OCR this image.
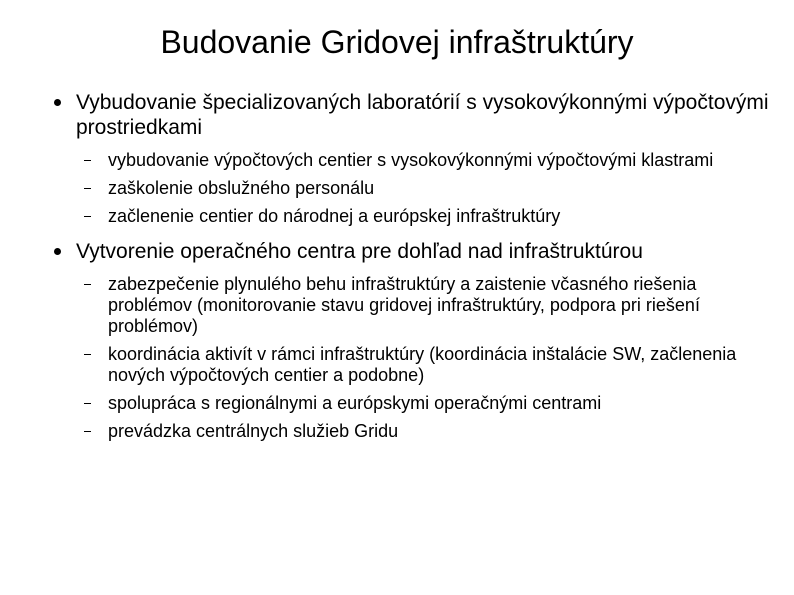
Budovanie Gridovej infraštruktúry
Vybudovanie špecializovaných laboratórií s vysokovýkonnými výpočtovými prostriedkami
vybudovanie výpočtových centier s vysokovýkonnými výpočtovými klastrami
zaškolenie obslužného personálu
začlenenie centier do národnej a európskej infraštruktúry
Vytvorenie operačného centra pre dohľad nad infraštruktúrou
zabezpečenie plynulého behu infraštruktúry a zaistenie včasného riešenia problémov (monitorovanie stavu gridovej infraštruktúry, podpora pri riešení problémov)
koordinácia aktivít v rámci infraštruktúry (koordinácia inštalácie SW, začlenenia nových výpočtových centier a podobne)
spolupráca s regionálnymi a európskymi operačnými centrami
prevádzka centrálnych služieb Gridu
